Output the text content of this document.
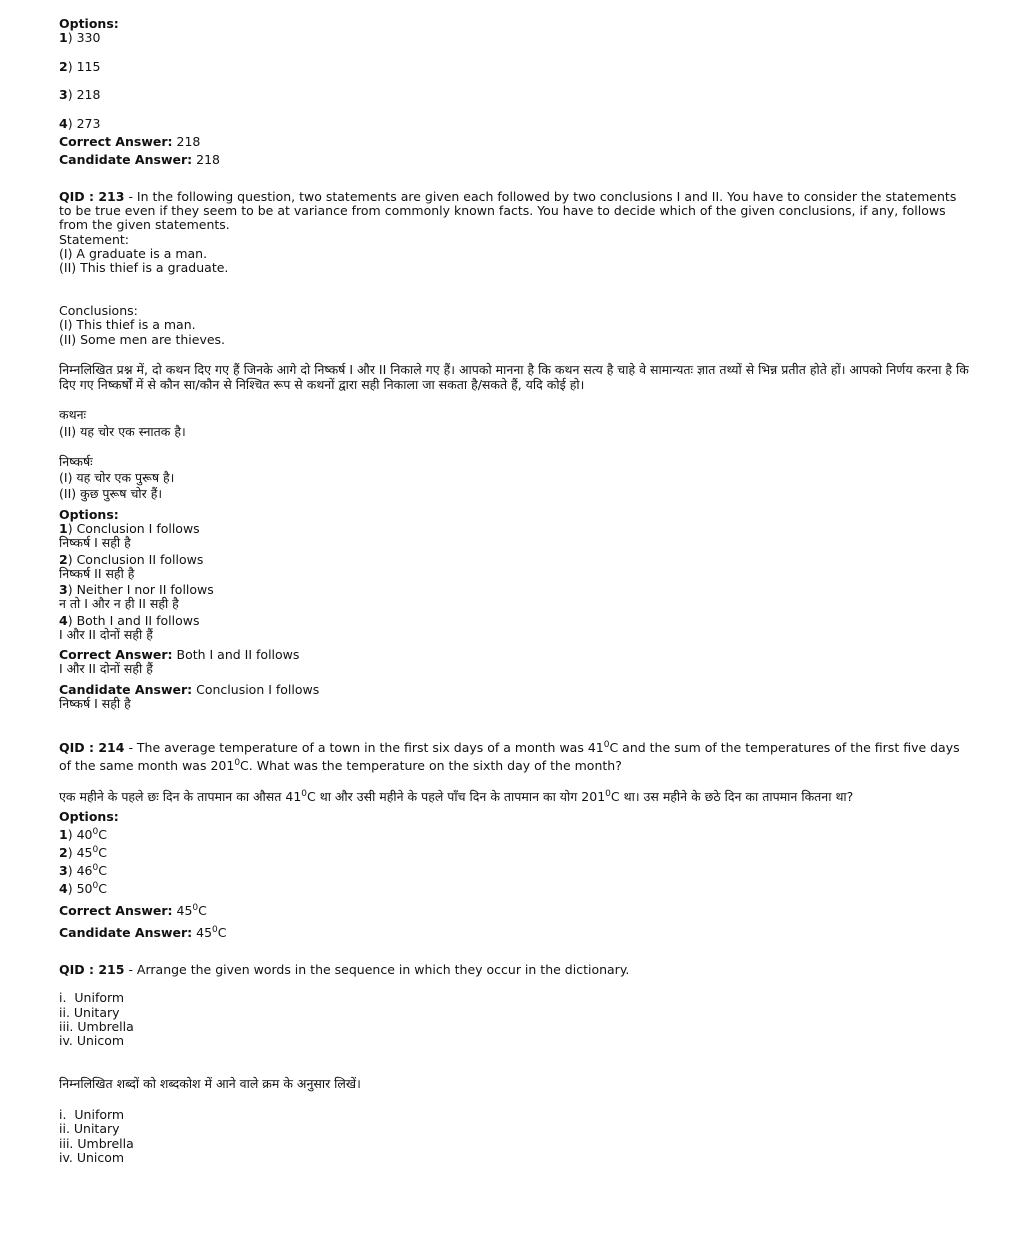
Options:
1) 330
2) 115
3) 218
4) 273
Correct Answer: 218
Candidate Answer: 218
QID : 213 - In the following question, two statements are given each followed by two conclusions I and II. You have to consider the statements to be true even if they seem to be at variance from commonly known facts. You have to decide which of the given conclusions, if any, follows from the given statements.
Statement:
(I) A graduate is a man.
(II) This thief is a graduate.
Conclusions:
(I) This thief is a man.
(II) Some men are thieves.
निम्नलिखित प्रश्न में, दो कथन दिए गए हैं जिनके आगे दो निष्कर्ष I और II निकाले गए हैं। आपको मानना है कि कथन सत्य है चाहे वे सामान्यतः ज्ञात तथ्यों से भिन्न प्रतीत होते हों। आपको निर्णय करना है कि दिए गए निष्कर्षों में से कौन सा/कौन से निश्चित रूप से कथनों द्वारा सही निकाला जा सकता है/सकते हैं, यदि कोई हो।
कथनः
(II) यह चोर एक स्नातक है।
निष्कर्षः
(I) यह चोर एक पुरूष है।
(II) कुछ पुरूष चोर हैं।
Options:
1) Conclusion I follows
निष्कर्ष I सही है
2) Conclusion II follows
निष्कर्ष II सही है
3) Neither I nor II follows
न तो I और न ही II सही है
4) Both I and II follows
I और II दोनों सही हैं
Correct Answer: Both I and II follows
I और II दोनों सही हैं
Candidate Answer: Conclusion I follows
निष्कर्ष I सही है
QID : 214 - The average temperature of a town in the first six days of a month was $41^0C$ and the sum of the temperatures of the first five days of the same month was $201^0C$. What was the temperature on the sixth day of the month?
एक महीने के पहले छः दिन के तापमान का औसत $41^0C$ था और उसी महीने के पहले पाँच दिन के तापमान का योग $201^0C$ था। उस महीने के छठे दिन का तापमान कितना था?
Options:
1) $40^0C$
2) $45^0C$
3) $46^0C$
4) $50^0C$
Correct Answer: $45^0C$
Candidate Answer: $45^0C$
QID : 215 - Arrange the given words in the sequence in which they occur in the dictionary.
i.  Uniform
ii. Unitary
iii. Umbrella
iv. Unicom
निम्नलिखित शब्दों को शब्दकोश में आने वाले क्रम के अनुसार लिखें।
i.  Uniform
ii. Unitary
iii. Umbrella
iv. Unicom
